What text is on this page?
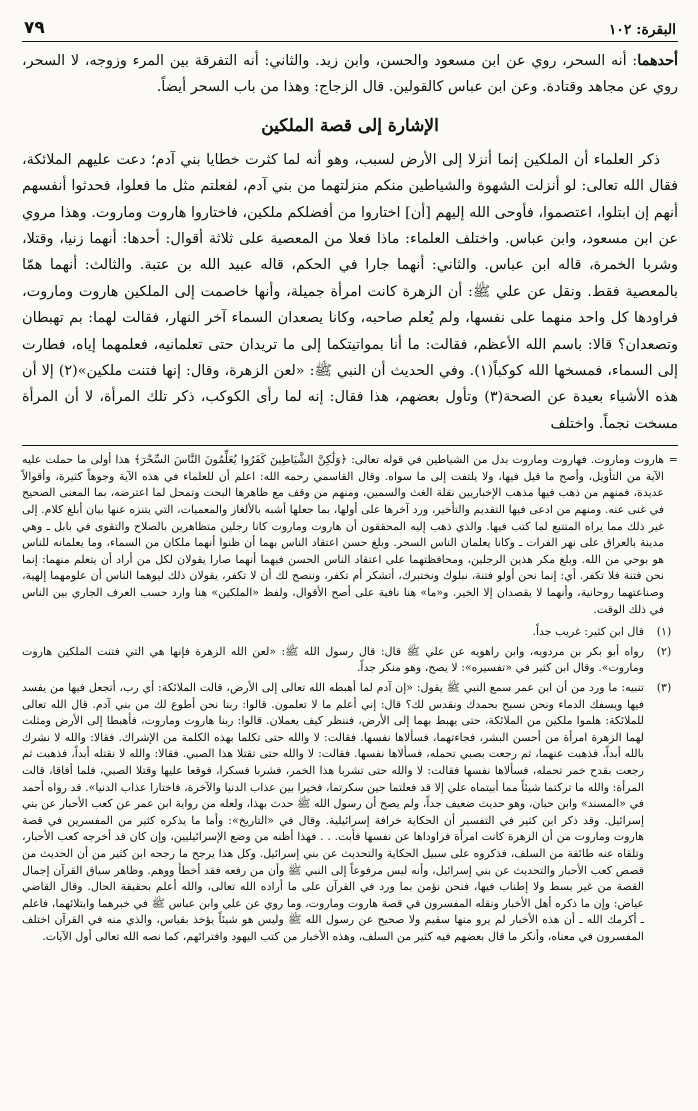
البقرة: ١٠٢
٧٩

أحدهما: أنه السحر، روي عن ابن مسعود والحسن، وابن زيد. والثاني: أنه التفرقة بين المرء وزوجه، لا السحر، روي عن مجاهد وقتادة. وعن ابن عباس كالقولين. قال الزجاج: وهذا من باب السحر أيضاً.

الإشارة إلى قصة الملكين

ذكر العلماء أن الملكين إنما أنزلا إلى الأرض لسبب، وهو أنه لما كثرت خطايا بني آدم؛ دعت عليهم الملائكة، فقال الله تعالى: لو أنزلت الشهوة والشياطين منكم منزلتهما من بني آدم، لفعلتم مثل ما فعلوا، فحدثوا أنفسهم أنهم إن ابتلوا، اعتصموا، فأوحى الله إليهم [أن] اختاروا من أفضلكم ملكين، فاختاروا هاروت وماروت. وهذا مروي عن ابن مسعود، وابن عباس. واختلف العلماء: ماذا فعلا من المعصية على ثلاثة أقوال: أحدها: أنهما زنيا، وقتلا، وشربا الخمرة، قاله ابن عباس. والثاني: أنهما جارا في الحكم، قاله عبيد الله بن عتبة. والثالث: أنهما همّا بالمعصية فقط. ونقل عن علي ﷺ: أن الزهرة كانت امرأة جميلة، وأنها خاصمت إلى الملكين هاروت وماروت، فراودها كل واحد منهما على نفسها، ولم يُعلم صاحبه، وكانا يصعدان السماء آخر النهار، فقالت لهما: بم تهبطان وتصعدان؟ قالا: باسم الله الأعظم، فقالت: ما أنا بمواتيتكما إلى ما تريدان حتى تعلمانيه، فعلمهما إياه، فطارت إلى السماء، فمسخها الله كوكباً(١). وفي الحديث أن النبي ﷺ: «لعن الزهرة، وقال: إنها فتنت ملكين»(٢) إلا أن هذه الأشياء بعيدة عن الصحة(٣) وتأول بعضهم، هذا فقال: إنه لما رأى الكوكب، ذكر تلك المرأة، لا أن المرأة مسخت نجماً. واختلف

= هاروت وماروت. فهاروت وماروت بدل من الشياطين في قوله تعالى: ﴿وَلَٰكِنَّ الشَّيَاطِينَ كَفَرُوا يُعَلِّمُونَ النَّاسَ السِّحْرَ﴾ هذا أولى ما حملت عليه الآية من التأويل، وأصح ما قيل فيها، ولا يلتفت إلى ما سواه. وقال القاسمي رحمه الله: اعلم أن للعلماء في هذه الآية وجوهاً كثيرة، وأقوالاً عديدة، فمنهم من ذهب فيها مذهب الإخباريين نقلة الغث والسمين، ومنهم من وقف مع ظاهرها البحت وتمحل لما اعترضه، بما المعنى الصحيح في غنى عنه. ومنهم من ادعى فيها التقديم والتأخير، ورد آخرها على أولها، بما جعلها أشبه بالألغاز والمعميات، التي يتنزه عنها بيان أبلغ كلام. إلى غير ذلك مما يراه المتتبع لما كتب فيها. والذي ذهب إليه المحققون أن هاروت وماروت كانا رجلين متظاهرين بالصلاح والتقوى في بابل ـ وهي مدينة بالعراق على نهر الفرات ـ وكانا يعلمان الناس السحر. وبلغ حسن اعتقاد الناس بهما أن ظنوا أنهما ملكان من السماء، وما يعلمانه للناس هو بوحي من الله. وبلغ مكر هذين الرجلين، ومحافظتهما على اعتقاد الناس الحسن فيهما أنهما صارا يقولان لكل من أراد أن يتعلم منهما: إنما نحن فتنة فلا تكفر. أي: إنما نحن أولو فتنة، نبلوك ونختبرك، أتشكر أم تكفر، وننصح لك أن لا تكفر، يقولان ذلك ليوهما الناس أن علومهما إلهية، وصناعتهما روحانية، وأنهما لا يقصدان إلا الخير. و«ما» هنا نافية على أصح الأقوال، ولفظ «الملكين» هنا وارد حسب العرف الجاري بين الناس في ذلك الوقت.

(١)
قال ابن كثير: غريب جداً.
(٢)
رواه أبو بكر بن مردويه، وابن راهويه عن علي ﷺ قال: قال رسول الله ﷺ: «لعن الله الزهرة فإنها هي التي فتنت الملكين هاروت وماروت». وقال ابن كثير في «تفسيره»: لا يصح، وهو منكر جداً.
(٣)
تنبيه: ما ورد من أن ابن عمر سمع النبي ﷺ يقول: «إن آدم لما أهبطه الله تعالى إلى الأرض، قالت الملائكة: أي رب، أتجعل فيها من يفسد فيها ويسفك الدماء ونحن نسبح بحمدك ونقدس لك؟ قال: إني أعلم ما لا تعلمون. قالوا: ربنا نحن أطوع لك من بني آدم. قال الله تعالى للملائكة: هلموا ملكين من الملائكة، حتى يهبط بهما إلى الأرض، فننظر كيف يعملان. قالوا: ربنا هاروت وماروت، فأهبطا إلى الأرض ومثلت لهما الزهرة امرأة من أحسن البشر، فجاءتهما، فسألاها نفسها. فقالت: لا والله حتى تكلما بهذه الكلمة من الإشراك. فقالا: والله لا نشرك بالله أبداً، فذهبت عنهما، ثم رجعت بصبي تحمله، فسألاها نفسها. فقالت: لا والله حتى تقتلا هذا الصبي. فقالا: والله لا نقتله أبداً، فذهبت ثم رجعت بقدح خمر تحمله، فسألاها نفسها فقالت: لا والله حتى تشربا هذا الخمر، فشربا فسكرا، فوقعا عليها وقتلا الصبي، فلما أفاقا، قالت المرأة: والله ما تركتما شيئاً مما أبيتماه علي إلا قد فعلتما حين سكرتما، فخيرا بين عذاب الدنيا والآخرة، فاختارا عذاب الدنيا». قد رواه أحمد في «المسند» وابن حبان، وهو حديث ضعيف جداً، ولم يصح أن رسول الله ﷺ حدث بهذا، ولعله من رواية ابن عمر عن كعب الأحبار عن بني إسرائيل. وقد ذكر ابن كثير في التفسير أن الحكاية خرافة إسرائيلية. وقال في «التاريخ»: وأما ما يذكره كثير من المفسرين في قصة هاروت وماروت من أن الزهرة كانت امرأة فراوداها عن نفسها فأبت. . . فهذا أظنه من وضع الإسرائيليين، وإن كان قد أخرجه كعب الأحبار، وتلقاه عنه طائفة من السلف، فذكروه على سبيل الحكاية والتحديث عن بني إسرائيل. وكل هذا يرجح ما رجحه ابن كثير من أن الحديث من قصص كعب الأحبار والتحديث عن بني إسرائيل، وأنه ليس مرفوعاً إلى النبي ﷺ وأن من رفعه فقد أخطأ ووهم. وظاهر سياق القرآن إجمال القصة من غير بسط ولا إطناب فيها، فنحن نؤمن بما ورد في القرآن على ما أراده الله تعالى، والله أعلم بحقيقة الحال. وقال القاضي عياض: وإن ما ذكره أهل الأخبار ونقله المفسرون في قصة هاروت وماروت، وما روي عن علي وابن عباس ﷺ في خبرهما وابتلائهما، فاعلم ـ أكرمك الله ـ أن هذه الأخبار لم يرو منها سقيم ولا صحيح عن رسول الله ﷺ وليس هو شيئاً يؤخذ بقياس، والذي منه في القرآن اختلف المفسرون في معناه، وأنكر ما قال بعضهم فيه كثير من السلف، وهذه الأخبار من كتب اليهود وافترائهم، كما نصه الله تعالى أول الآيات.
